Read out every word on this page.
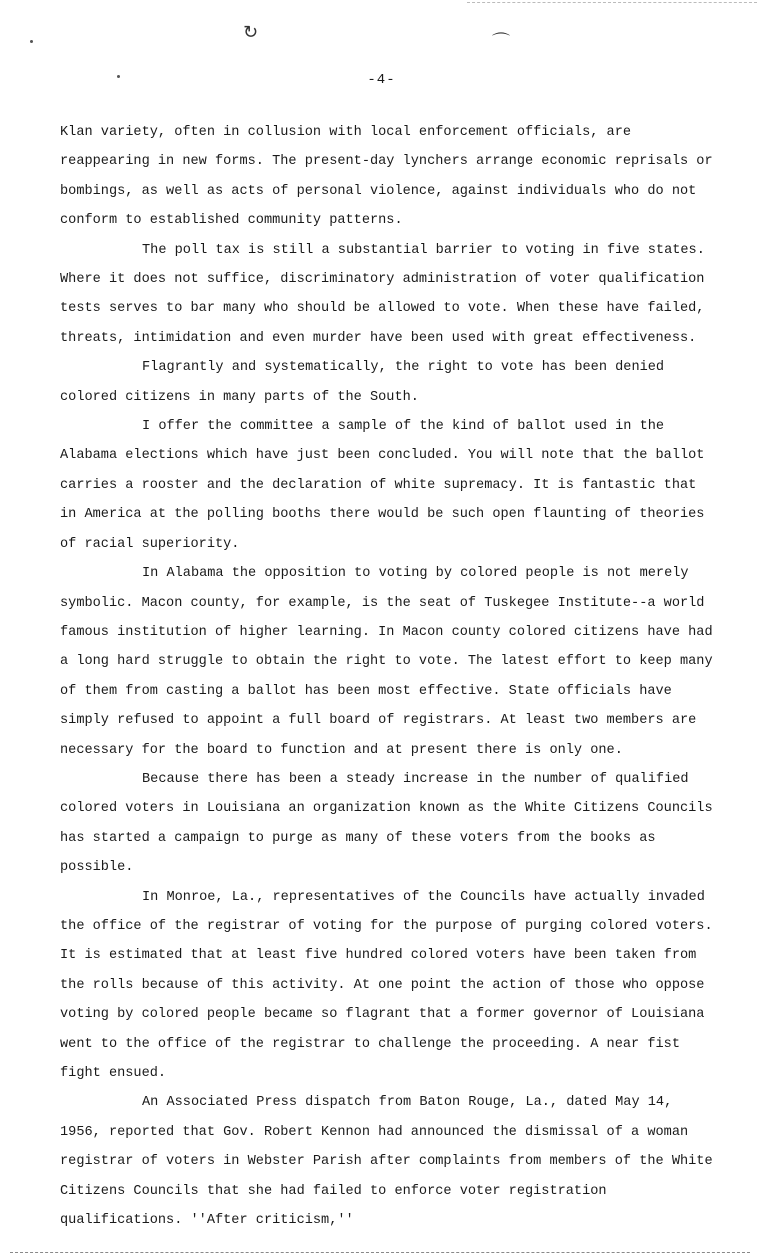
↻	⌒
-4-

Klan variety, often in collusion with local enforcement officials, are reappearing in new forms. The present-day lynchers arrange economic reprisals or bombings, as well as acts of personal violence, against individuals who do not conform to established community patterns.

The poll tax is still a substantial barrier to voting in five states. Where it does not suffice, discriminatory administration of voter qualification tests serves to bar many who should be allowed to vote. When these have failed, threats, intimidation and even murder have been used with great effectiveness.

Flagrantly and systematically, the right to vote has been denied colored citizens in many parts of the South.

I offer the committee a sample of the kind of ballot used in the Alabama elections which have just been concluded. You will note that the ballot carries a rooster and the declaration of white supremacy. It is fantastic that in America at the polling booths there would be such open flaunting of theories of racial superiority.

In Alabama the opposition to voting by colored people is not merely symbolic. Macon county, for example, is the seat of Tuskegee Institute--a world famous institution of higher learning. In Macon county colored citizens have had a long hard struggle to obtain the right to vote. The latest effort to keep many of them from casting a ballot has been most effective. State officials have simply refused to appoint a full board of registrars. At least two members are necessary for the board to function and at present there is only one.

Because there has been a steady increase in the number of qualified colored voters in Louisiana an organization known as the White Citizens Councils has started a campaign to purge as many of these voters from the books as possible.

In Monroe, La., representatives of the Councils have actually invaded the office of the registrar of voting for the purpose of purging colored voters. It is estimated that at least five hundred colored voters have been taken from the rolls because of this activity. At one point the action of those who oppose voting by colored people became so flagrant that a former governor of Louisiana went to the office of the registrar to challenge the proceeding. A near fist fight ensued.

An Associated Press dispatch from Baton Rouge, La., dated May 14, 1956, reported that Gov. Robert Kennon had announced the dismissal of a woman registrar of voters in Webster Parish after complaints from members of the White Citizens Councils that she had failed to enforce voter registration qualifications. ''After criticism,''
